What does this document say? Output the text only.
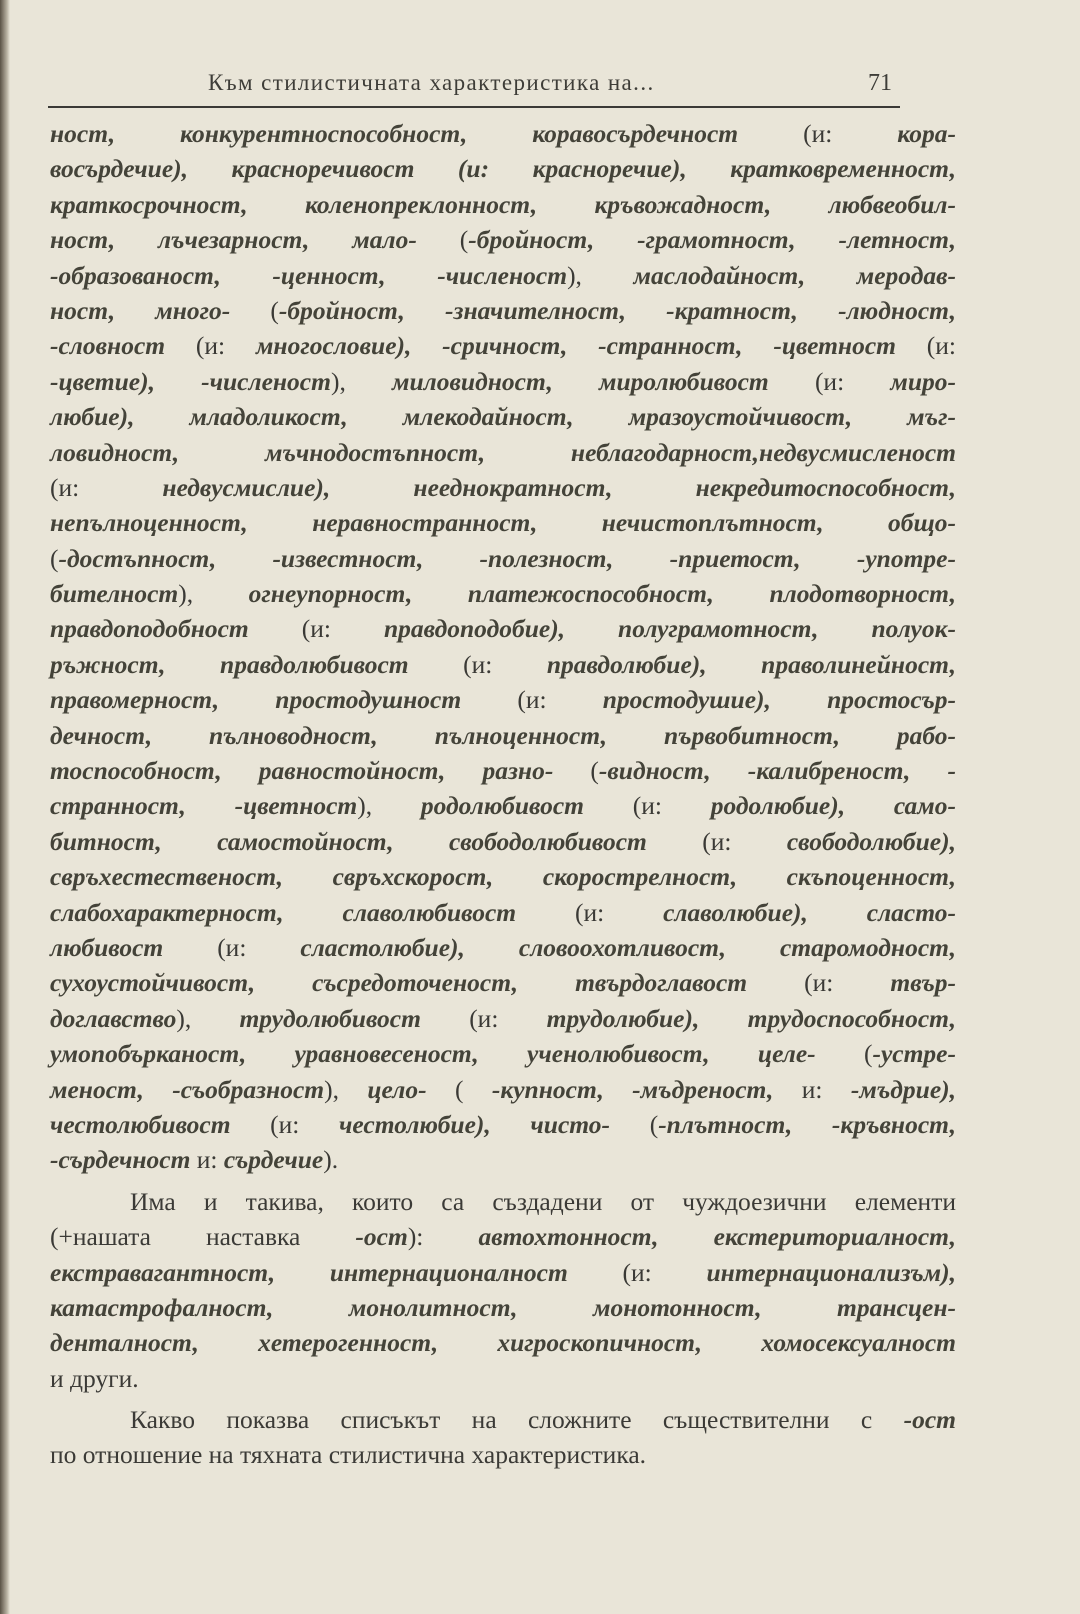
Към стилистичната характеристика на...	71
ност, конкурентноспособност, коравосърдечност (и: кора-
восърдечие), краснoречивост (и: красноречие), кратковременност,
краткосрочност, коленопреклонност, кръвожадност, любвеобил-
ност, лъчезарност, мало- (-бройност, -грамотност, -летност,
-образованост, -ценност, -численост), маслодайност, меродав-
ност, много- (-бройност, -значителност, -кратност, -людност,
-словност (и: многословие), -сричност, -странност, -цветност (и:
-цветие), -численост), миловидност, миролюбивост (и: миро-
любие), младоликост, млекодайност, мразоустойчивост, мъг-
ловидност, мъчнодостъпност, неблагодарност,недвусмисленост
(и: недвусмислие), нееднократност, некредитоспособност,
непълноценност, неравностранност, нечистоплътност, общо-
(-достъпност, -известност, -полезност, -приетост, -употре-
бителност), огнеупорност, платежоспособност, плодотворност,
правдоподобност (и: правдоподобие), полуграмотност, полуок-
ръжност, правдолюбивост (и: правдолюбие), праволинейност,
правомерност, простодушност (и: простодушие), простосър-
дечност, пълноводност, пълноценност, първобитност, рабо-
тоспособност, равностойност, разно- (-видност, -калибреност, -
странност, -цветност), родолюбивост (и: родолюбие), само-
битност, самостойност, свободолюбивост (и: свободолюбие),
свръхестественост, свръхскорост, скорострелност, скъпоценност,
слабохарактерност, славолюбивост (и: славолюбие), сласто-
любивост (и: сластолюбие), словоохотливост, старомодност,
сухоустойчивост, съсредоточеност, твърдоглавост (и: твър-
доглавство), трудолюбивост (и: трудолюбие), трудоспособност,
умопобърканост, уравновесеност, ученолюбивост, целе- (-устре-
меност, -съобразност), цело- ( -купност, -мъдреност, и: -мъдрие),
честолюбивост (и: честолюбие), чисто- (-плътност, -кръвност,
-сърдечност и: сърдечие).
Има и такива, които са създадени от чуждоезични елементи
(+нашата наставка -ост): автохтонност, екстериториалност,
екстравагантност, интернационалност (и: интернационализъм),
катастрофалност, монолитност, монотонност, трансцен-
денталност, хетерогенност, хигроскопичност, хомосексуалност
и други.
Какво показва списъкът на сложните съществителни с -ост
по отношение на тяхната стилистична характеристика.
